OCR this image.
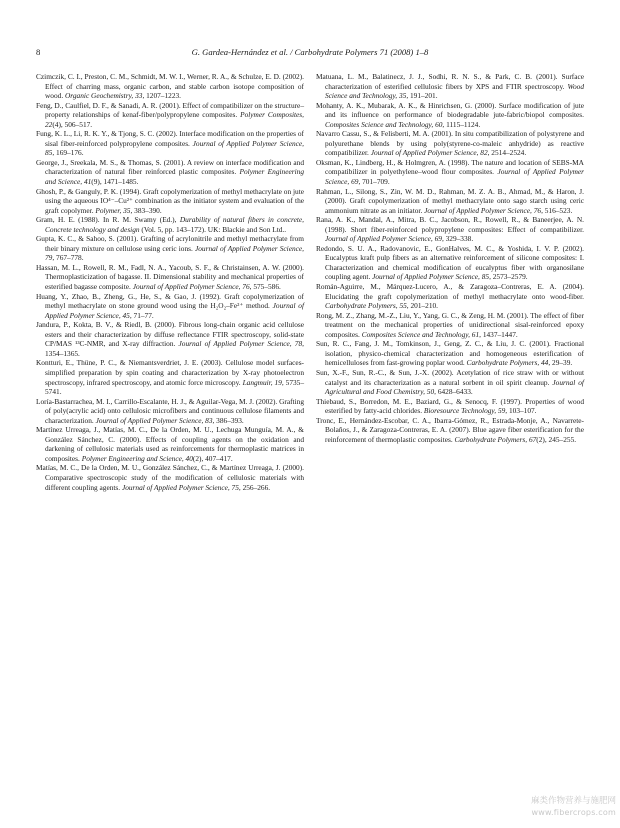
8	G. Gardea-Hernández et al. / Carbohydrate Polymers 71 (2008) 1–8

Czimczik, C. I., Preston, C. M., Schmidt, M. W. I., Werner, R. A., & Schulze, E. D. (2002). Effect of charring mass, organic carbon, and stable carbon isotope composition of wood. Organic Geochemistry, 33, 1207–1223.

Feng, D., Caulfiel, D. F., & Sanadi, A. R. (2001). Effect of compatibilizer on the structure–property relationships of kenaf-fiber/polypropylene composites. Polymer Composites, 22(4), 506–517.

Fung, K. L., Li, R. K. Y., & Tjong, S. C. (2002). Interface modification on the properties of sisal fiber-reinforced polypropylene composites. Journal of Applied Polymer Science, 85, 169–176.

George, J., Sreekala, M. S., & Thomas, S. (2001). A review on interface modification and characterization of natural fiber reinforced plastic composites. Polymer Engineering and Science, 41(9), 1471–1485.

Ghosh, P., & Ganguly, P. K. (1994). Graft copolymerization of methyl methacrylate on jute using the aqueous IO⁴⁻–Cu²⁺ combination as the initiator system and evaluation of the graft copolymer. Polymer, 35, 383–390.

Gram, H. E. (1988). In R. M. Swamy (Ed.), Durability of natural fibers in concrete, Concrete technology and design (Vol. 5, pp. 143–172). UK: Blackie and Son Ltd..

Gupta, K. C., & Sahoo, S. (2001). Grafting of acrylonitrile and methyl methacrylate from their binary mixture on cellulose using ceric ions. Journal of Applied Polymer Science, 79, 767–778.

Hassan, M. L., Rowell, R. M., Fadl, N. A., Yacoub, S. F., & Christainsen, A. W. (2000). Thermoplasticization of bagasse. II. Dimensional stability and mechanical properties of esterified bagasse composite. Journal of Applied Polymer Science, 76, 575–586.

Huang, Y., Zhao, B., Zheng, G., He, S., & Gao, J. (1992). Graft copolymerization of methyl methacrylate on stone ground wood using the H₂O₂–Fe²⁺ method. Journal of Applied Polymer Science, 45, 71–77.

Jandura, P., Kokta, B. V., & Riedl, B. (2000). Fibrous long-chain organic acid cellulose esters and their characterization by diffuse reflectance FTIR spectroscopy, solid-state CP/MAS ¹³C-NMR, and X-ray diffraction. Journal of Applied Polymer Science, 78, 1354–1365.

Kontturi, E., Thüne, P. C., & Niemantsverdriet, J. E. (2003). Cellulose model surfaces-simplified preparation by spin coating and characterization by X-ray photoelectron spectroscopy, infrared spectroscopy, and atomic force microscopy. Langmuir, 19, 5735–5741.

Loría-Bastarrachea, M. I., Carrillo-Escalante, H. J., & Aguilar-Vega, M. J. (2002). Grafting of poly(acrylic acid) onto cellulosic microfibers and continuous cellulose filaments and characterization. Journal of Applied Polymer Science, 83, 386–393.

Martínez Urreaga, J., Matías, M. C., De la Orden, M. U., Lechuga Munguía, M. A., & González Sánchez, C. (2000). Effects of coupling agents on the oxidation and darkening of cellulosic materials used as reinforcements for thermoplastic matrices in composites. Polymer Engineering and Science, 40(2), 407–417.

Matías, M. C., De la Orden, M. U., González Sánchez, C., & Martínez Urreaga, J. (2000). Comparative spectroscopic study of the modification of cellulosic materials with different coupling agents. Journal of Applied Polymer Science, 75, 256–266.

Matuana, L. M., Balatinecz, J. J., Sodhi, R. N. S., & Park, C. B. (2001). Surface characterization of esterified cellulosic fibers by XPS and FTIR spectroscopy. Wood Science and Technology, 35, 191–201.

Mohanty, A. K., Mubarak, A. K., & Hinrichsen, G. (2000). Surface modification of jute and its influence on performance of biodegradable jute-fabric/biopol composites. Composites Science and Technology, 60, 1115–1124.

Navarro Cassu, S., & Felisberti, M. A. (2001). In situ compatibilization of polystyrene and polyurethane blends by using poly(styrene-co-maleic anhydride) as reactive compatibilizer. Journal of Applied Polymer Science, 82, 2514–2524.

Oksman, K., Lindberg, H., & Holmgren, A. (1998). The nature and location of SEBS-MA compatibilizer in polyethylene–wood flour composites. Journal of Applied Polymer Science, 69, 701–709.

Rahman, L., Silong, S., Zin, W. M. D., Rahman, M. Z. A. B., Ahmad, M., & Haron, J. (2000). Graft copolymerization of methyl methacrylate onto sago starch using ceric ammonium nitrate as an initiator. Journal of Applied Polymer Science, 76, 516–523.

Rana, A. K., Mandal, A., Mitra, B. C., Jacobson, R., Rowell, R., & Baneerjee, A. N. (1998). Short fiber-reinforced polypropylene composites: Effect of compatibilizer. Journal of Applied Polymer Science, 69, 329–338.

Redondo, S. U. A., Radovanovic, E., GonHalves, M. C., & Yoshida, I. V. P. (2002). Eucalyptus kraft pulp fibers as an alternative reinforcement of silicone composites: I. Characterization and chemical modification of eucalyptus fiber with organosilane coupling agent. Journal of Applied Polymer Science, 85, 2573–2579.

Román-Aguirre, M., Márquez-Lucero, A., & Zaragoza–Contreras, E. A. (2004). Elucidating the graft copolymerization of methyl methacrylate onto wood-fiber. Carbohydrate Polymers, 55, 201–210.

Rong, M. Z., Zhang, M.-Z., Liu, Y., Yang, G. C., & Zeng, H. M. (2001). The effect of fiber treatment on the mechanical properties of unidirectional sisal-reinforced epoxy composites. Composites Science and Technology, 61, 1437–1447.

Sun, R. C., Fang, J. M., Tomkinson, J., Geng, Z. C., & Liu, J. C. (2001). Fractional isolation, physico-chemical characterization and homogeneous esterification of hemicelluloses from fast-growing poplar wood. Carbohydrate Polymers, 44, 29–39.

Sun, X.-F., Sun, R.-C., & Sun, J.-X. (2002). Acetylation of rice straw with or without catalyst and its characterization as a natural sorbent in oil spirit cleanup. Journal of Agricultural and Food Chemistry, 50, 6428–6433.

Thiebaud, S., Borredon, M. E., Baziard, G., & Senocq, F. (1997). Properties of wood esterified by fatty-acid chlorides. Bioresource Technology, 59, 103–107.

Tronc, E., Hernández-Escobar, C. A., Ibarra-Gómez, R., Estrada-Monje, A., Navarrete-Bolaños, J., & Zaragoza-Contreras, E. A. (2007). Blue agave fiber esterification for the reinforcement of thermoplastic composites. Carbohydrate Polymers, 67(2), 245–255.

麻类作物营养与施肥网
www.fibercrops.com
